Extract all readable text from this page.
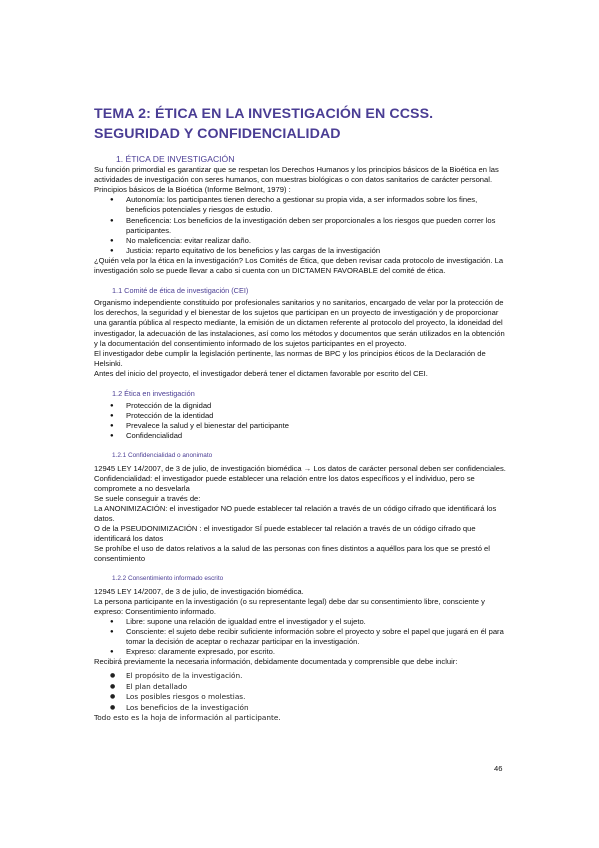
TEMA 2: ÉTICA EN LA INVESTIGACIÓN EN CCSS.
SEGURIDAD Y CONFIDENCIALIDAD

1. ÉTICA DE INVESTIGACIÓN

Su función primordial es garantizar que se respetan los Derechos Humanos y los principios básicos de la Bioética en las actividades de investigación con seres humanos, con muestras biológicas o con datos sanitarios de carácter personal.

Principios básicos de la Bioética (Informe Belmont, 1979) :

● Autonomía: los participantes tienen derecho a gestionar su propia vida, a ser informados sobre los fines, beneficios potenciales y riesgos de estudio.
● Beneficencia: Los beneficios de la investigación deben ser proporcionales a los riesgos que pueden correr los participantes.
● No maleficencia: evitar realizar daño.
● Justicia: reparto equitativo de los beneficios y las cargas de la investigación

¿Quién vela por la ética en la investigación? Los Comités de Ética, que deben revisar cada protocolo de investigación. La investigación solo se puede llevar a cabo si cuenta con un DICTAMEN FAVORABLE del comité de ética.

1.1 Comité de ética de investigación (CEI)

Organismo independiente constituido por profesionales sanitarios y no sanitarios, encargado de velar por la protección de los derechos, la seguridad y el bienestar de los sujetos que participan en un proyecto de investigación y de proporcionar una garantía pública al respecto mediante, la emisión de un dictamen referente al protocolo del proyecto, la idoneidad del investigador, la adecuación de las instalaciones, así como los métodos y documentos que serán utilizados en la obtención y la documentación del consentimiento informado de los sujetos participantes en el proyecto.

El investigador debe cumplir la legislación pertinente, las normas de BPC y los principios éticos de la Declaración de Helsinki.

Antes del inicio del proyecto, el investigador deberá tener el dictamen favorable por escrito del CEI.

1.2 Ética en investigación

● Protección de la dignidad
● Protección de la identidad
● Prevalece la salud y el bienestar del participante
● Confidencialidad

1.2.1 Confidencialidad o anonimato

12945 LEY 14/2007, de 3 de julio, de investigación biomédica → Los datos de carácter personal deben ser confidenciales.

Confidencialidad: el investigador puede establecer una relación entre los datos específicos y el individuo, pero se compromete a no desvelarla

Se suele conseguir a través de:

La ANONIMIZACIÓN: el investigador NO puede establecer tal relación a través de un código cifrado que identificará los datos.

O de la PSEUDONIMIZACIÓN : el investigador SÍ puede establecer tal relación a través de un código cifrado que identificará los datos

Se prohíbe el uso de datos relativos a la salud de las personas con fines distintos a aquéllos para los que se prestó el consentimiento

1.2.2 Consentimiento informado escrito

12945 LEY 14/2007, de 3 de julio, de investigación biomédica.

La persona participante en la investigación (o su representante legal) debe dar su consentimiento libre, consciente y expreso: Consentimiento informado.

● Libre: supone una relación de igualdad entre el investigador y el sujeto.
● Consciente: el sujeto debe recibir suficiente información sobre el proyecto y sobre el papel que jugará en él para tomar la decisión de aceptar o rechazar participar en la investigación.
● Expreso: claramente expresado, por escrito.

Recibirá previamente la necesaria información, debidamente documentada y comprensible que debe incluir:

● El propósito de la investigación.
● El plan detallado
● Los posibles riesgos o molestias.
● Los beneficios de la investigación

Todo esto es la hoja de información al participante.

46
